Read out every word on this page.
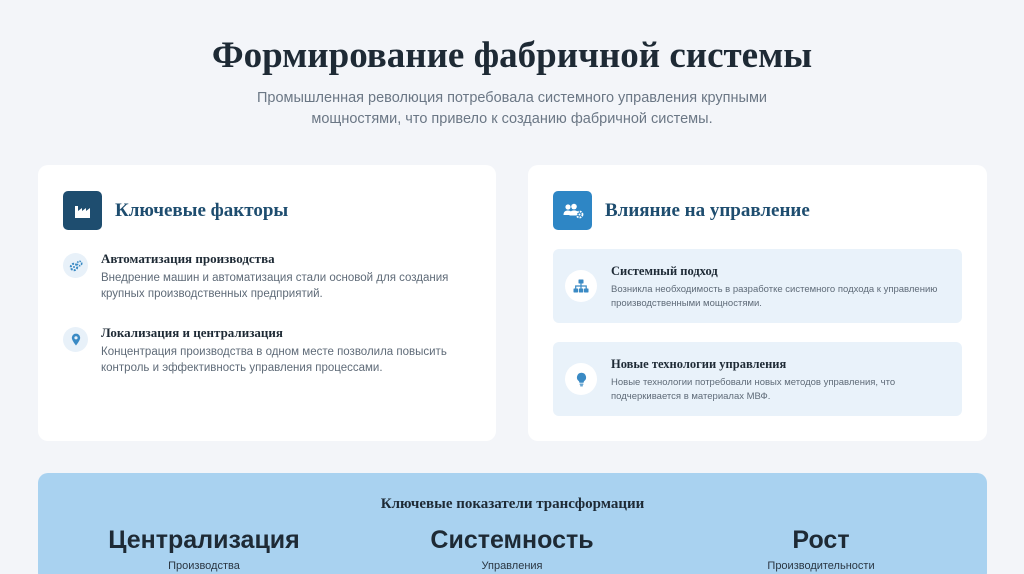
Формирование фабричной системы
Промышленная революция потребовала системного управления крупными мощностями, что привело к созданию фабричной системы.
Ключевые факторы
Автоматизация производства
Внедрение машин и автоматизация стали основой для создания крупных производственных предприятий.
Локализация и централизация
Концентрация производства в одном месте позволила повысить контроль и эффективность управления процессами.
Влияние на управление
Системный подход
Возникла необходимость в разработке системного подхода к управлению производственными мощностями.
Новые технологии управления
Новые технологии потребовали новых методов управления, что подчеркивается в материалах МВФ.
Ключевые показатели трансформации
Централизация
Производства
Системность
Управления
Рост
Производительности
